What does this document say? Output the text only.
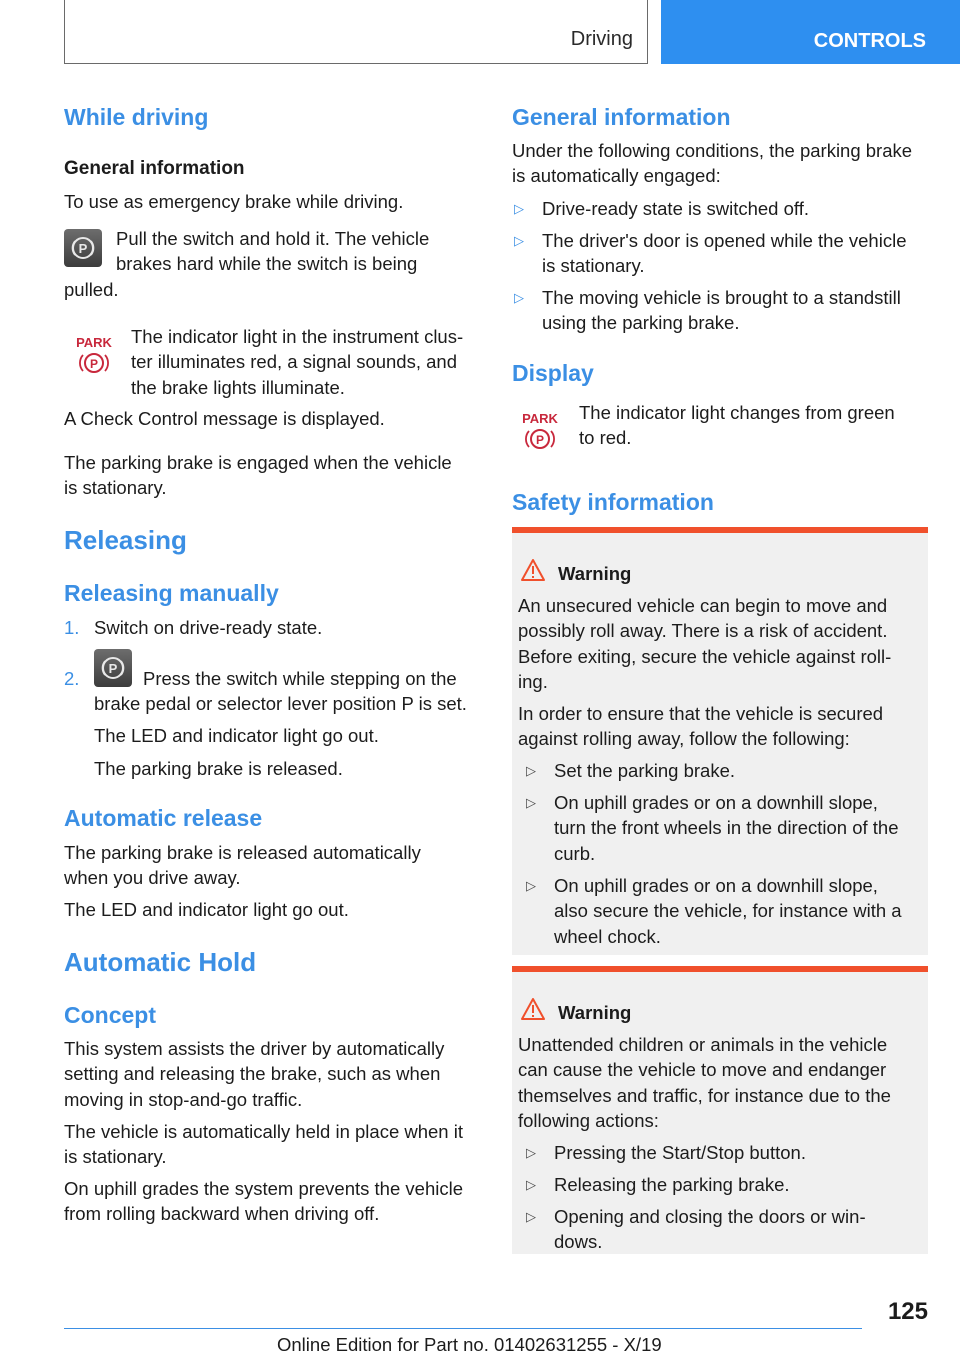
Driving	CONTROLS
While driving
General information

To use as emergency brake while driving.

P Pull the switch and hold it. The vehicle

brakes hard while the switch is being

pulled.

PARK
P

The indicator light in the instrument clus‐

ter illuminates red, a signal sounds, and

the brake lights illuminate.

A Check Control message is displayed.

The parking brake is engaged when the vehicle

is stationary.

Releasing
Releasing manually

1. Switch on drive-ready state.

2. P Press the switch while stepping on the

brake pedal or selector lever position P is set.

The LED and indicator light go out.

The parking brake is released.

Automatic release

The parking brake is released automatically

when you drive away.

The LED and indicator light go out.

Automatic Hold
Concept

This system assists the driver by automatically

setting and releasing the brake, such as when

moving in stop-and-go traffic.

The vehicle is automatically held in place when it

is stationary.

On uphill grades the system prevents the vehicle

from rolling backward when driving off.

General information

Under the following conditions, the parking brake

is automatically engaged:

▷ Drive-ready state is switched off.

▷ The driver's door is opened while the vehicle

is stationary.

▷ The moving vehicle is brought to a standstill

using the parking brake.

Display
PARK
P

The indicator light changes from green

to red.

Safety information

Warning

An unsecured vehicle can begin to move and

possibly roll away. There is a risk of accident.

Before exiting, secure the vehicle against roll‐

ing.

In order to ensure that the vehicle is secured

against rolling away, follow the following:

▷ Set the parking brake.

▷ On uphill grades or on a downhill slope,

turn the front wheels in the direction of the

curb.

▷ On uphill grades or on a downhill slope,

also secure the vehicle, for instance with a

wheel chock.

Warning

Unattended children or animals in the vehicle

can cause the vehicle to move and endanger

themselves and traffic, for instance due to the

following actions:

▷ Pressing the Start/Stop button.

▷ Releasing the parking brake.

▷ Opening and closing the doors or win‐

dows.

125
Online Edition for Part no. 01402631255 - X/19
